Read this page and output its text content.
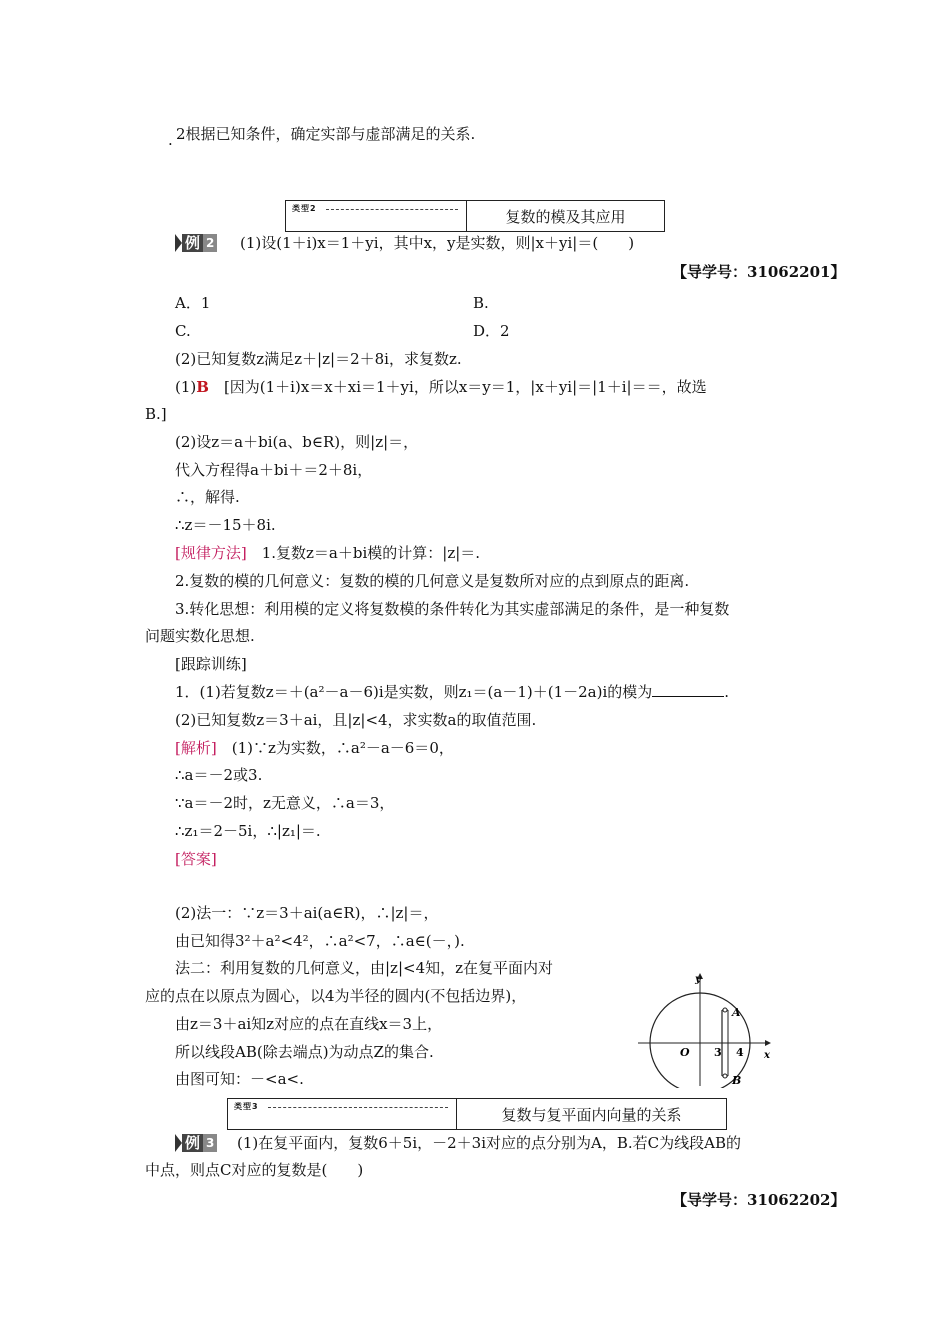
. 2根据已知条件，确定实部与虚部满足的关系.
类型2	复数的模及其应用
例 2 (1)设(1＋i)x＝1＋yi，其中x，y是实数，则|x＋yi|＝(　　)
【导学号：31062201】
A．1	B.
C.	D．2
(2)已知复数z满足z＋|z|＝2＋8i，求复数z.
(1)B　[因为(1＋i)x＝x＋xi＝1＋yi，所以x＝y＝1，|x＋yi|＝|1＋i|＝＝，故选
B.]
(2)设z＝a＋bi(a、b∈R)，则|z|＝，
代入方程得a＋bi＋＝2＋8i，
∴，解得.
∴z＝－15＋8i.
[规律方法]　1.复数z＝a＋bi模的计算：|z|＝.
2.复数的模的几何意义：复数的模的几何意义是复数所对应的点到原点的距离.
3.转化思想：利用模的定义将复数模的条件转化为其实虚部满足的条件，是一种复数
问题实数化思想.
[跟踪训练]
1．(1)若复数z＝＋(a²－a－6)i是实数，则z₁＝(a－1)＋(1－2a)i的模为	.
(2)已知复数z＝3＋ai，且|z|<4，求实数a的取值范围.
[解析]　(1)∵z为实数，∴a²－a－6＝0，
∴a＝－2或3.
∵a＝－2时，z无意义，∴a＝3，
∴z₁＝2－5i，∴|z₁|＝.
[答案]
(2)法一：∵z＝3＋ai(a∈R)，∴|z|＝，
由已知得3²＋a²<4²，∴a²<7，∴a∈(－，).
法二：利用复数的几何意义，由|z|<4知，z在复平面内对
应的点在以原点为圆心，以4为半径的圆内(不包括边界)，
由z＝3＋ai知z对应的点在直线x＝3上，
所以线段AB(除去端点)为动点Z的集合.
由图可知：－<a<.
y
x
O 3 4
A
B
类型3	复数与复平面内向量的关系
例 3 　(1)在复平面内，复数6＋5i，－2＋3i对应的点分别为A，B.若C为线段AB的
中点，则点C对应的复数是(　　)
【导学号：31062202】
